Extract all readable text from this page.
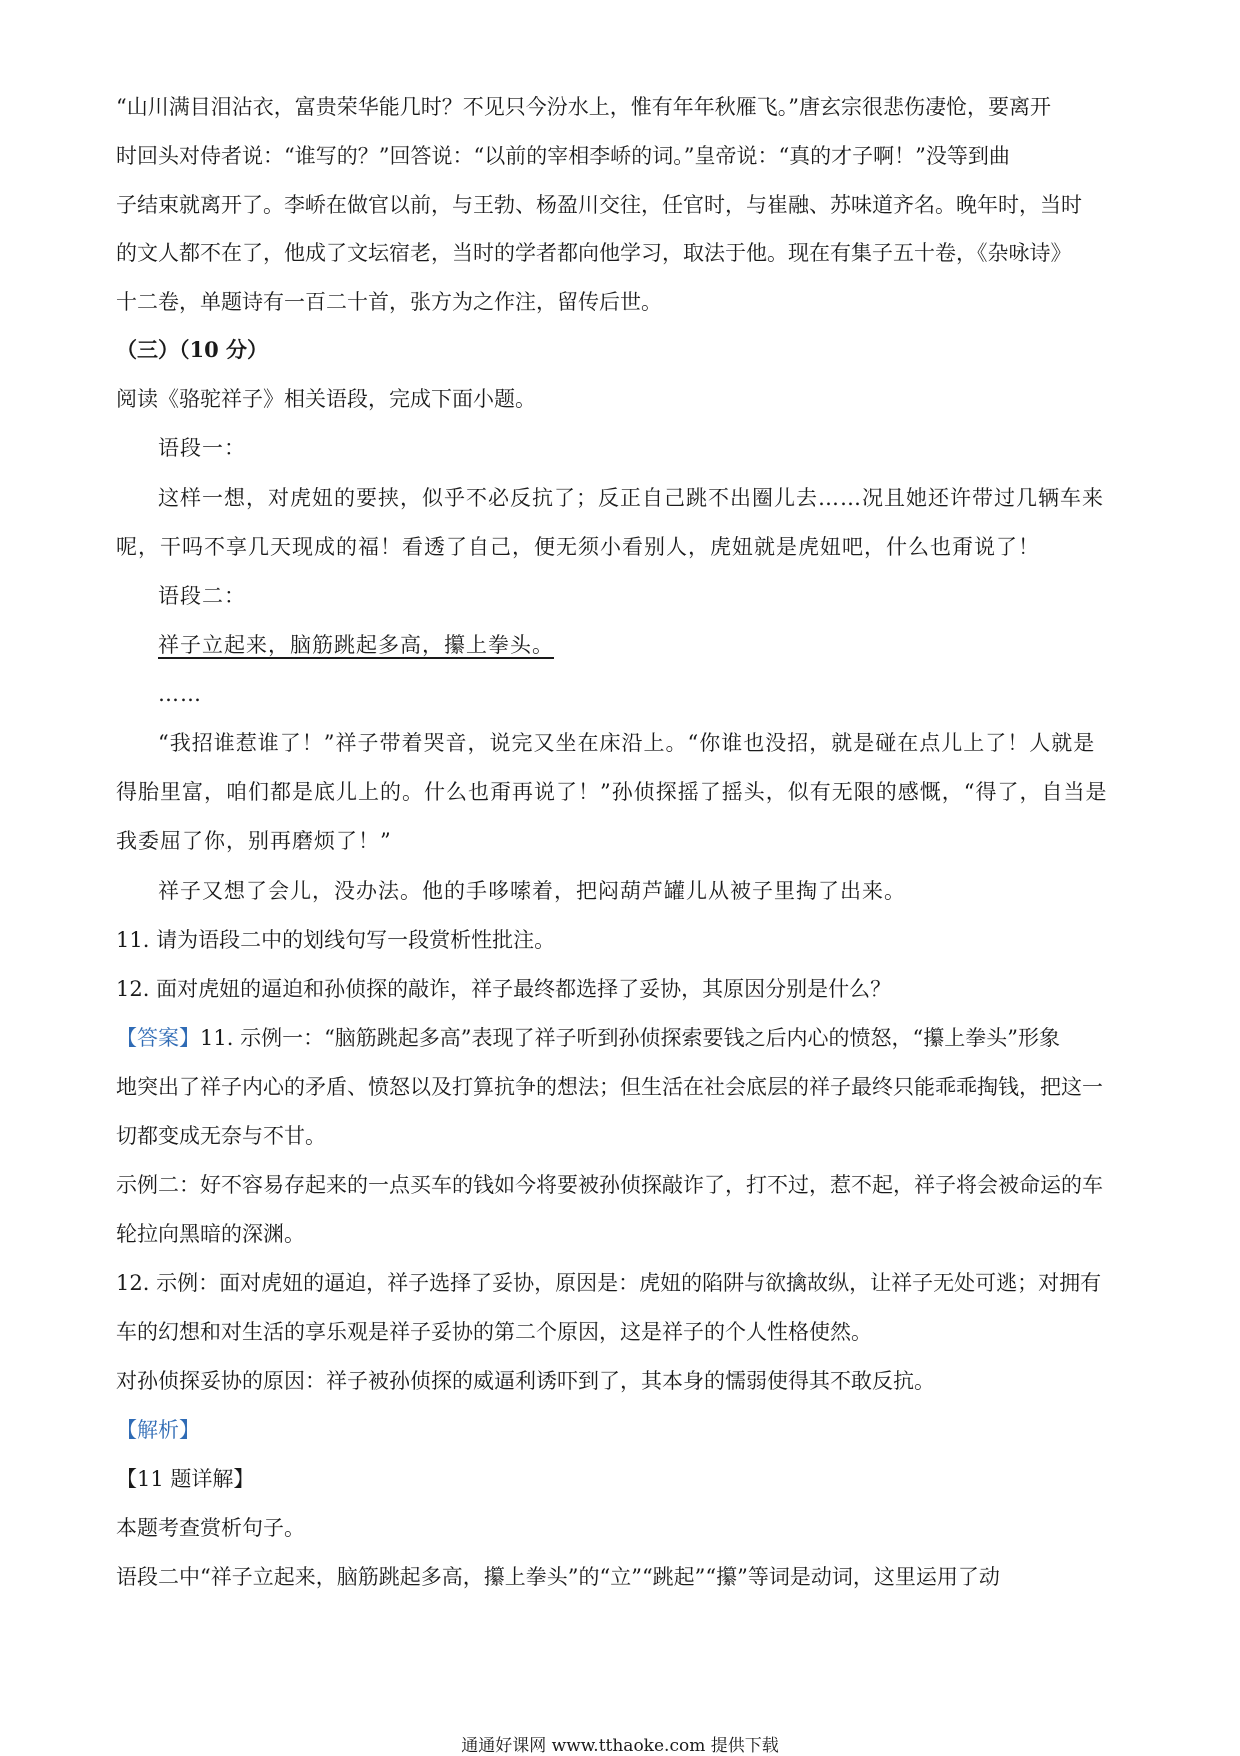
“山川满目泪沾衣，富贵荣华能几时？不见只今汾水上，惟有年年秋雁飞。”唐玄宗很悲伤凄怆，要离开
时回头对侍者说：“谁写的？”回答说：“以前的宰相李峤的词。”皇帝说：“真的才子啊！”没等到曲
子结束就离开了。李峤在做官以前，与王勃、杨盈川交往，任官时，与崔融、苏味道齐名。晚年时，当时
的文人都不在了，他成了文坛宿老，当时的学者都向他学习，取法于他。现在有集子五十卷，《杂咏诗》
十二卷，单题诗有一百二十首，张方为之作注，留传后世。
（三）（10 分）
阅读《骆驼祥子》相关语段，完成下面小题。
语段一：
这样一想，对虎妞的要挟，似乎不必反抗了；反正自己跳不出圈儿去……况且她还许带过几辆车来
呢，干吗不享几天现成的福！看透了自己，便无须小看别人，虎妞就是虎妞吧，什么也甭说了！
语段二：
祥子立起来，脑筋跳起多高，攥上拳头。
……
“我招谁惹谁了！”祥子带着哭音，说完又坐在床沿上。“你谁也没招，就是碰在点儿上了！人就是
得胎里富，咱们都是底儿上的。什么也甭再说了！”孙侦探摇了摇头，似有无限的感慨，“得了，自当是
我委屈了你，别再磨烦了！”
祥子又想了会儿，没办法。他的手哆嗦着，把闷葫芦罐儿从被子里掏了出来。
11. 请为语段二中的划线句写一段赏析性批注。
12. 面对虎妞的逼迫和孙侦探的敲诈，祥子最终都选择了妥协，其原因分别是什么？
【答案】11. 示例一：“脑筋跳起多高”表现了祥子听到孙侦探索要钱之后内心的愤怒，“攥上拳头”形象
地突出了祥子内心的矛盾、愤怒以及打算抗争的想法；但生活在社会底层的祥子最终只能乖乖掏钱，把这一
切都变成无奈与不甘。
示例二：好不容易存起来的一点买车的钱如今将要被孙侦探敲诈了，打不过，惹不起，祥子将会被命运的车
轮拉向黑暗的深渊。
12. 示例：面对虎妞的逼迫，祥子选择了妥协，原因是：虎妞的陷阱与欲擒故纵，让祥子无处可逃；对拥有
车的幻想和对生活的享乐观是祥子妥协的第二个原因，这是祥子的个人性格使然。
对孙侦探妥协的原因：祥子被孙侦探的威逼利诱吓到了，其本身的懦弱使得其不敢反抗。
【解析】
【11 题详解】
本题考查赏析句子。
语段二中“祥子立起来，脑筋跳起多高，攥上拳头”的“立”“跳起”“攥”等词是动词，这里运用了动
通通好课网 www.tthaoke.com 提供下载
